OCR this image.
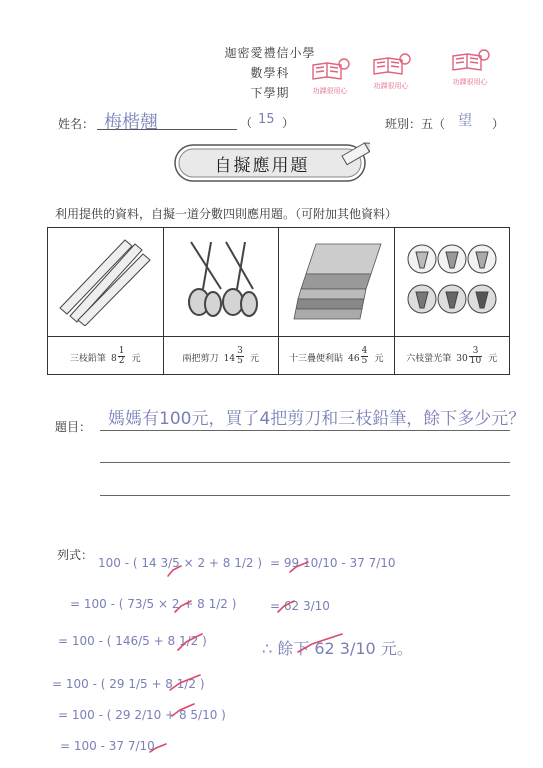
迦密愛禮信小學
數學科
下學期	功課很用心
功課很用心	功課很用心
姓名： 梅楷翹	（ 15 ）	班別：五（ 望 ）
自擬應用題
利用提供的資料，自擬一道分數四則應用題。（可附加其他資料）

三枝鉛筆 $8 \frac{1}{2}$ 元	兩把剪刀 $14 \frac{3}{5}$ 元	十三疊便利貼 $46 \frac{4}{5}$ 元	六枝螢光筆 $30 \frac{3}{10}$ 元
題目： 媽媽有100元，買了4把剪刀和三枝鉛筆，餘下多少元？
列式：
100 - ( 14 3/5 × 2 + 8 1/2 )
= 100 - ( 73/5 × 2 + 8 1/2 )
= 100 - ( 146/5 + 8 1/2 )
= 100 - ( 29 1/5 + 8 1/2 )
= 100 - ( 29 2/10 + 8 5/10 )
= 100 - 37 7/10
= 99 10/10 - 37 7/10
= 62 3/10
∴ 餘下 62 3/10 元。
